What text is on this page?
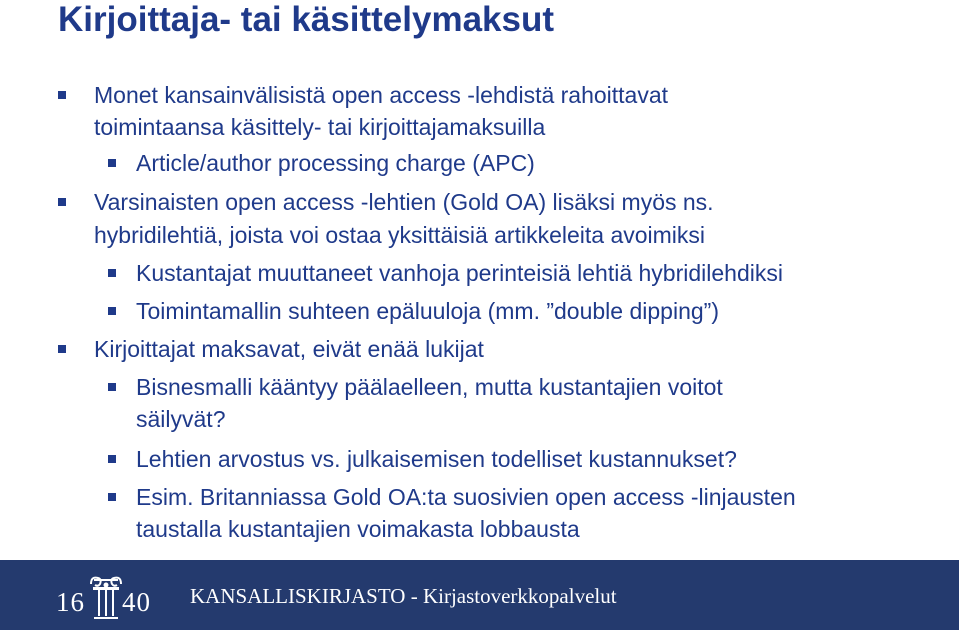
Kirjoittaja- tai käsittelymaksut
Monet kansainvälisistä open access -lehdistä rahoittavat
toimintaansa käsittely- tai kirjoittajamaksuilla
Article/author processing charge (APC)
Varsinaisten open access -lehtien (Gold OA) lisäksi myös ns.
hybridilehtiä, joista voi ostaa yksittäisiä artikkeleita avoimiksi
Kustantajat muuttaneet vanhoja perinteisiä lehtiä hybridilehdiksi
Toimintamallin suhteen epäluuloja (mm. ”double dipping”)
Kirjoittajat maksavat, eivät enää lukijat
Bisnesmalli kääntyy päälaelleen, mutta kustantajien voitot
säilyvät?
Lehtien arvostus vs. julkaisemisen todelliset kustannukset?
Esim. Britanniassa Gold OA:ta suosivien open access -linjausten
taustalla kustantajien voimakasta lobbausta
16 40 KANSALLISKIRJASTO - Kirjastoverkkopalvelut
